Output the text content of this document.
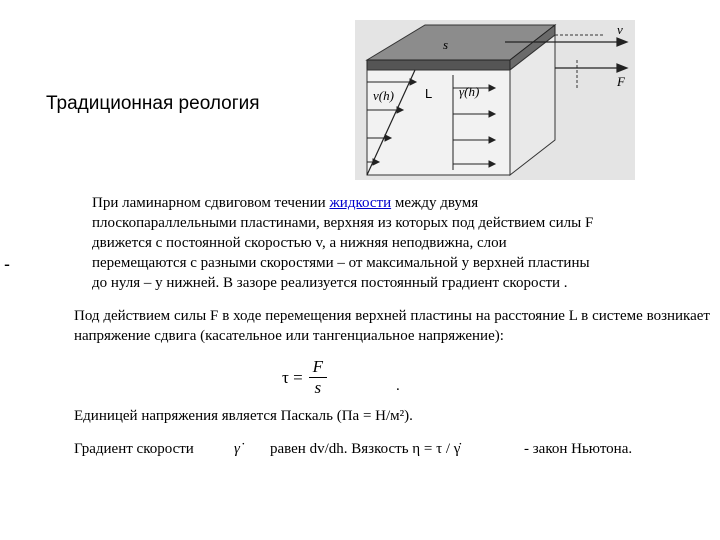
Традиционная реология
-
s
v
F
v(h) L γ̇(h)
При ламинарном сдвиговом течении жидкости между двумя
плоскопараллельными пластинами, верхняя из которых под действием силы F
движется с постоянной скоростью v, а нижняя неподвижна, слои
перемещаются с разными скоростями – от максимальной у верхней пластины
до нуля – у нижней. В зазоре реализуется постоянный градиент скорости .
Под действием силы F в ходе перемещения верхней пластины на расстояние L в системе возникает напряжение сдвига (касательное или тангенциальное напряжение):
$\tau = \frac{F}{s}$	.
Единицей напряжения является Паскаль (Па = Н/м²).
Градиент скорости	γ̇ равен dv/dh. Вязкость η = τ / γ̇	- закон Ньютона.
